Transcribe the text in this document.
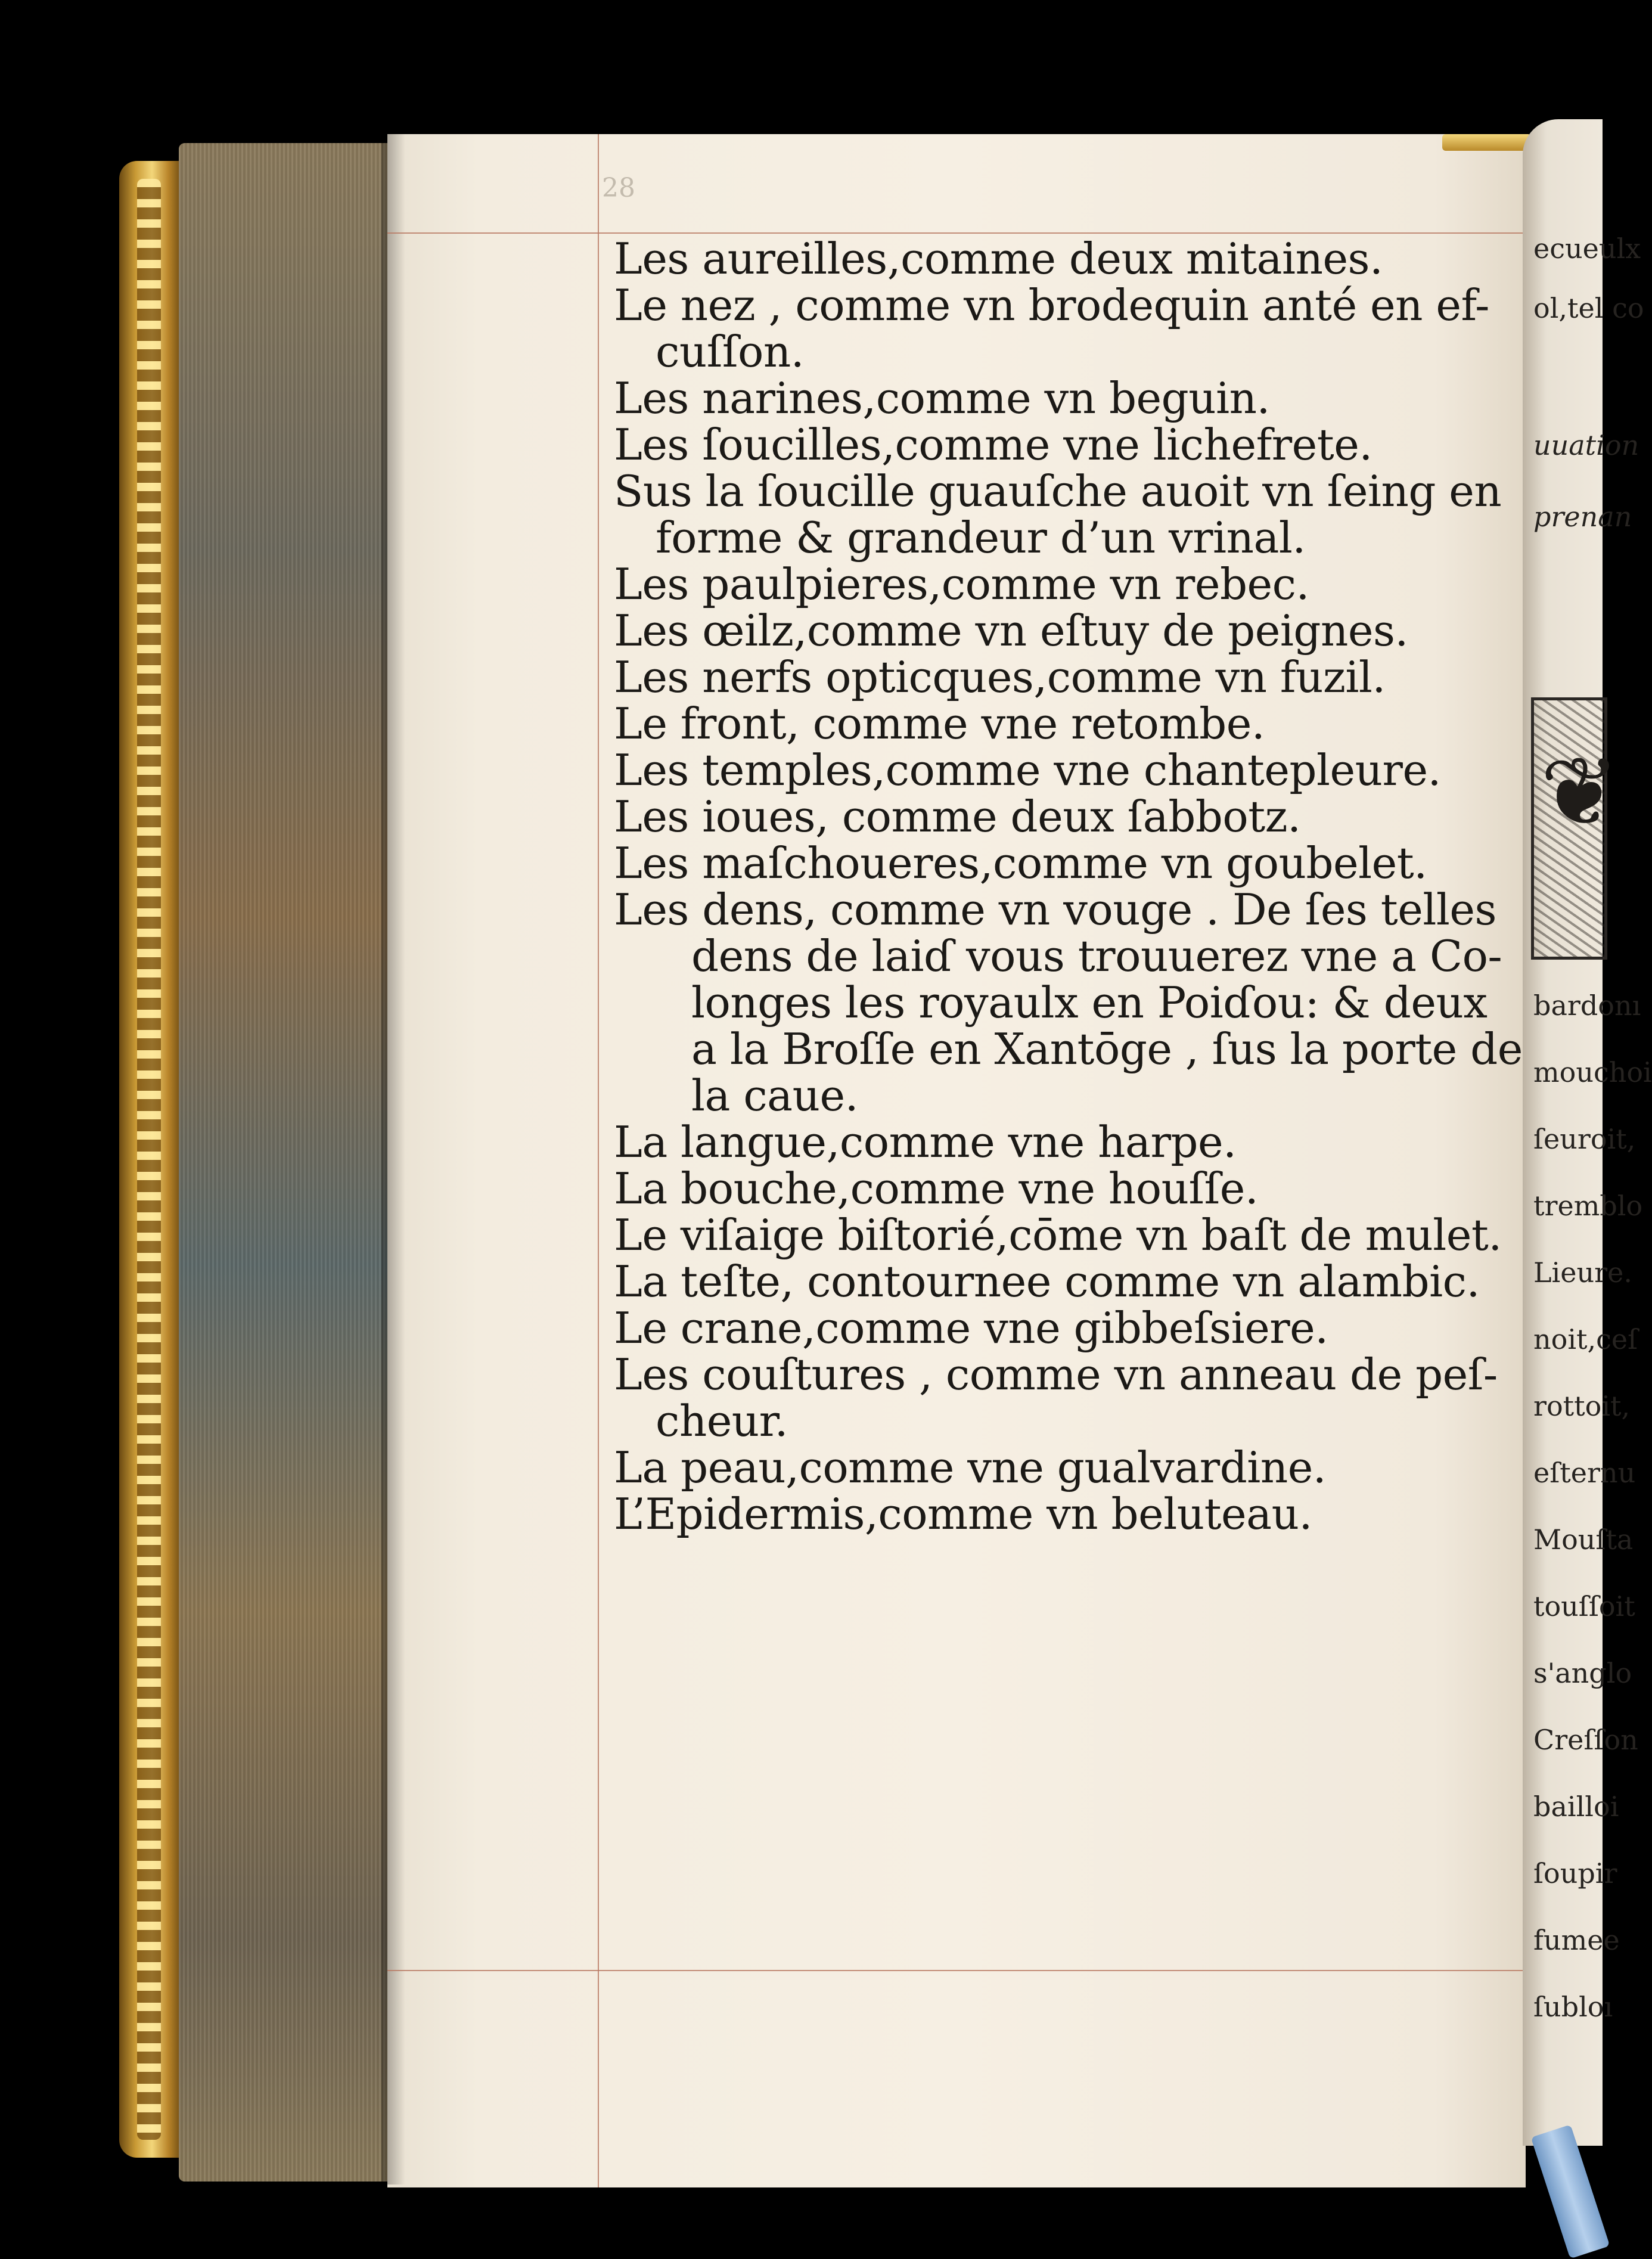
28
Les aureilles,comme deux mitaines.
Le nez , comme vn brodequin anté en ef-
cuſſon.
Les narines,comme vn beguin.
Les ſoucilles,comme vne lichefrete.
Sus la ſoucille guauſche auoit vn ſeing en
forme & grandeur d’un vrinal.
Les paulpieres,comme vn rebec.
Les œilz,comme vn eſtuy de peignes.
Les nerfs opticques,comme vn fuzil.
Le front, comme vne retombe.
Les temples,comme vne chantepleure.
Les ioues, comme deux ſabbotz.
Les maſchoueres,comme vn goubelet.
Les dens, comme vn vouge . De ſes telles
dens de laiɗ vous trouuerez vne a Co-
longes les royaulx en Poiɗou: & deux
a la Broſſe en Xantōge , ſus la porte de
la caue.
La langue,comme vne harpe.
La bouche,comme vne houſſe.
Le viſaige biſtorié,cōme vn baſt de mulet.
La teſte, contournee comme vn alambic.
Le crane,comme vne gibbeſsiere.
Les couſtures , comme vn anneau de peſ-
cheur.
La peau,comme vne gualvardine.
L’Epidermis,comme vn beluteau.
❦
ecueulx
ol,tel co
uuation
prenan
bardonı
mouchoi
ſeuroit,
tremblo
Lieure.
noit,ceſ
rottoit,
eſternu
Mouſta
touſſoit
s'anglo
Creſſon
bailloi
ſoupir
fumee
ſubloı
